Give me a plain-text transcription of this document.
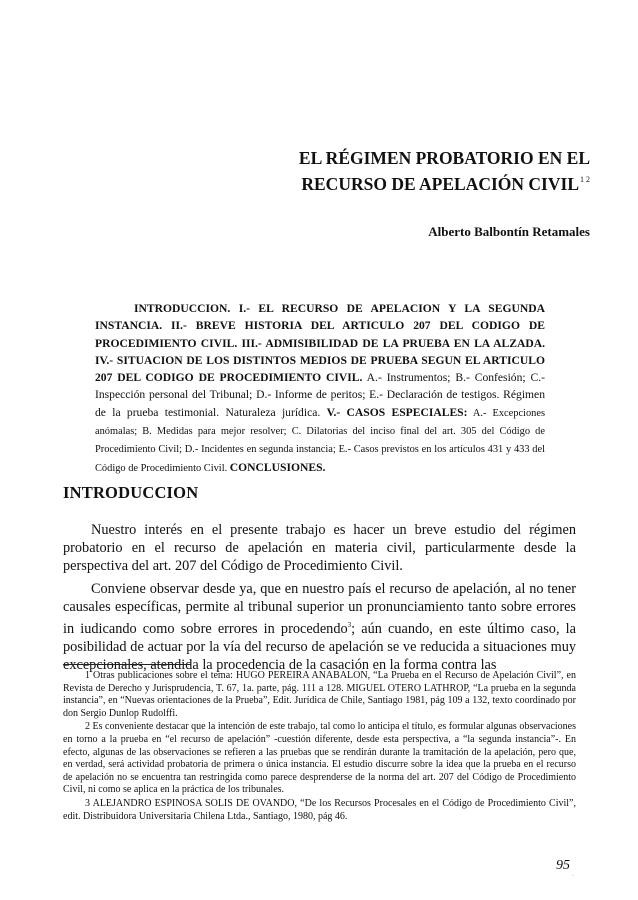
EL RÉGIMEN PROBATORIO EN EL
RECURSO DE APELACIÓN $CIVIL^{1 2}$
Alberto Balbontín Retamales

INTRODUCCION. I.- EL RECURSO DE APELACION Y LA SEGUNDA INSTANCIA. II.- BREVE HISTORIA DEL ARTICULO 207 DEL CODIGO DE PROCEDIMIENTO CIVIL. III.- ADMISIBILIDAD DE LA PRUEBA EN LA ALZADA. IV.- SITUACION DE LOS DISTINTOS MEDIOS DE PRUEBA SEGUN EL ARTICULO 207 DEL CODIGO DE PROCEDIMIENTO CIVIL. A.- Instrumentos; B.- Confesión; C.- Inspección personal del Tribunal; D.- Informe de peritos; E.- Declaración de testigos. Régimen de la prueba testimonial. Naturaleza jurídica. V.- CASOS ESPECIALES: A.- Excepciones anómalas; B. Medidas para mejor resolver; C. Dilatorias del inciso final del art. 305 del Código de Procedimiento Civil; D.- Incidentes en segunda instancia; E.- Casos previstos en los artículos 431 y 433 del Código de Procedimiento Civil. CONCLUSIONES.

INTRODUCCION

Nuestro interés en el presente trabajo es hacer un breve estudio del régimen probatorio en el recurso de apelación en materia civil, particularmente desde la perspectiva del art. 207 del Código de Procedimiento Civil.

Conviene observar desde ya, que en nuestro país el recurso de apelación, al no tener causales específicas, permite al tribunal superior un pronunciamiento tanto sobre errores in iudicando como sobre errores in procedendo$^3$; aún cuando, en este último caso, la posibilidad de actuar por la vía del recurso de apelación se ve reducida a situaciones muy excepcionales, atendida la procedencia de la casación en la forma contra las

1 Otras publicaciones sobre el tema: HUGO PEREIRA ANABALON, “La Prueba en el Recurso de Apelación Civil”, en Revista de Derecho y Jurisprudencia, T. 67, 1a. parte, pág. 111 a 128. MIGUEL OTERO LATHROP, “La prueba en la segunda instancia”, en “Nuevas orientaciones de la Prueba”, Edit. Jurídica de Chile, Santiago 1981, pág 109 a 132, texto coordinado por don Sergio Dunlop Rudolffi.

2 Es conveniente destacar que la intención de este trabajo, tal como lo anticipa el título, es formular algunas observaciones en torno a la prueba en “el recurso de apelación” -cuestión diferente, desde esta perspectiva, a “la segunda instancia”-. En efecto, algunas de las observaciones se refieren a las pruebas que se rendirán durante la tramitación de la apelación, pero que, en verdad, será actividad probatoria de primera o única instancia. El estudio discurre sobre la idea que la prueba en el recurso de apelación no se encuentra tan restringida como parece desprenderse de la norma del art. 207 del Código de Procedimiento Civil, ni como se aplica en la práctica de los tribunales.

3 ALEJANDRO ESPINOSA SOLIS DE OVANDO, “De los Recursos Procesales en el Código de Procedimiento Civil”, edit. Distribuidora Universitaria Chilena Ltda., Santiago, 1980, pág 46.

95
·
